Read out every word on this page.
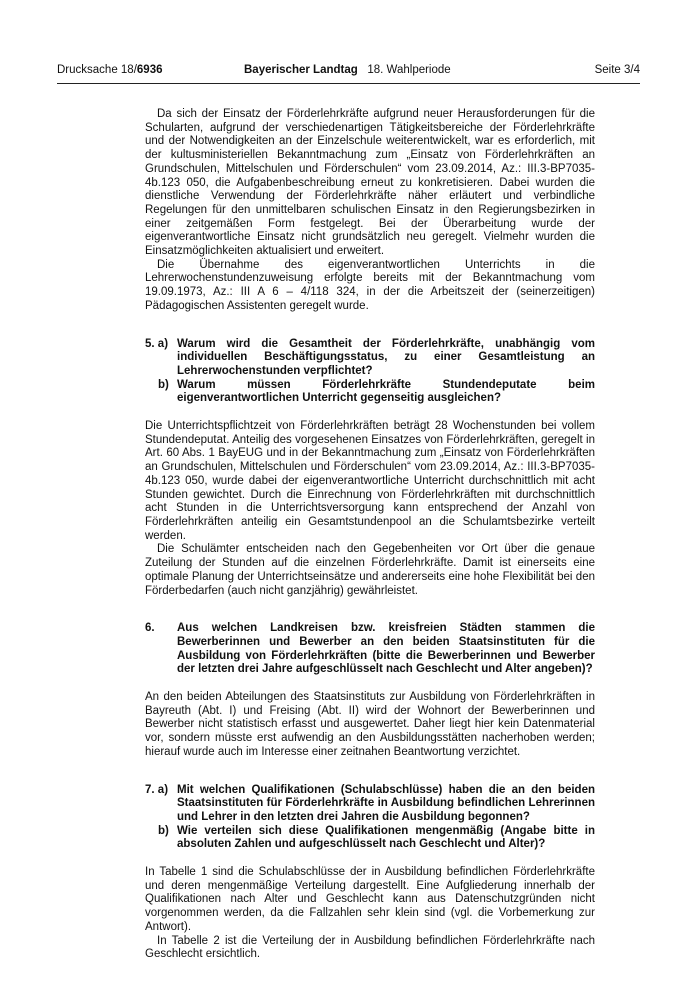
Drucksache 18/6936	Bayerischer Landtag 18. Wahlperiode	Seite 3/4

Da sich der Einsatz der Förderlehrkräfte aufgrund neuer Herausforderungen für die Schularten, aufgrund der verschiedenartigen Tätigkeitsbereiche der Förderlehrkräfte und der Notwendigkeiten an der Einzelschule weiterentwickelt, war es erforderlich, mit der kultusministeriellen Bekanntmachung zum „Einsatz von Förderlehrkräften an Grundschulen, Mittelschulen und Förderschulen“ vom 23.09.2014, Az.: III.3-BP7035-4b.123 050, die Aufgabenbeschreibung erneut zu konkretisieren. Dabei wurden die dienstliche Verwendung der Förderlehrkräfte näher erläutert und verbindliche Regelungen für den unmittelbaren schulischen Einsatz in den Regierungsbezirken in einer zeitgemäßen Form festgelegt. Bei der Überarbeitung wurde der eigenverantwortliche Einsatz nicht grundsätzlich neu geregelt. Vielmehr wurden die Einsatzmöglichkeiten aktualisiert und erweitert.

Die Übernahme des eigenverantwortlichen Unterrichts in die Lehrerwochenstundenzuweisung erfolgte bereits mit der Bekanntmachung vom 19.09.1973, Az.: III A 6 – 4/118 324, in der die Arbeitszeit der (seinerzeitigen) Pädagogischen Assistenten geregelt wurde.

5. a) Warum wird die Gesamtheit der Förderlehrkräfte, unabhängig vom individuellen Beschäftigungsstatus, zu einer Gesamtleistung an Lehrerwochenstunden verpflichtet?
b) Warum müssen Förderlehrkräfte Stundendeputate beim eigenverantwortlichen Unterricht gegenseitig ausgleichen?

Die Unterrichtspflichtzeit von Förderlehrkräften beträgt 28 Wochenstunden bei vollem Stundendeputat. Anteilig des vorgesehenen Einsatzes von Förderlehrkräften, geregelt in Art. 60 Abs. 1 BayEUG und in der Bekanntmachung zum „Einsatz von Förderlehrkräften an Grundschulen, Mittelschulen und Förderschulen“ vom 23.09.2014, Az.: III.3-BP7035-4b.123 050, wurde dabei der eigenverantwortliche Unterricht durchschnittlich mit acht Stunden gewichtet. Durch die Einrechnung von Förderlehrkräften mit durchschnittlich acht Stunden in die Unterrichtsversorgung kann entsprechend der Anzahl von Förderlehrkräften anteilig ein Gesamtstundenpool an die Schulamtsbezirke verteilt werden.

Die Schulämter entscheiden nach den Gegebenheiten vor Ort über die genaue Zuteilung der Stunden auf die einzelnen Förderlehrkräfte. Damit ist einerseits eine optimale Planung der Unterrichtseinsätze und andererseits eine hohe Flexibilität bei den Förderbedarfen (auch nicht ganzjährig) gewährleistet.

6. Aus welchen Landkreisen bzw. kreisfreien Städten stammen die Bewerberinnen und Bewerber an den beiden Staatsinstituten für die Ausbildung von Förderlehrkräften (bitte die Bewerberinnen und Bewerber der letzten drei Jahre aufgeschlüsselt nach Geschlecht und Alter angeben)?

An den beiden Abteilungen des Staatsinstituts zur Ausbildung von Förderlehrkräften in Bayreuth (Abt. I) und Freising (Abt. II) wird der Wohnort der Bewerberinnen und Bewerber nicht statistisch erfasst und ausgewertet. Daher liegt hier kein Datenmaterial vor, sondern müsste erst aufwendig an den Ausbildungsstätten nacherhoben werden; hierauf wurde auch im Interesse einer zeitnahen Beantwortung verzichtet.

7. a) Mit welchen Qualifikationen (Schulabschlüsse) haben die an den beiden Staatsinstituten für Förderlehrkräfte in Ausbildung befindlichen Lehrerinnen und Lehrer in den letzten drei Jahren die Ausbildung begonnen?
b) Wie verteilen sich diese Qualifikationen mengenmäßig (Angabe bitte in absoluten Zahlen und aufgeschlüsselt nach Geschlecht und Alter)?

In Tabelle 1 sind die Schulabschlüsse der in Ausbildung befindlichen Förderlehrkräfte und deren mengenmäßige Verteilung dargestellt. Eine Aufgliederung innerhalb der Qualifikationen nach Alter und Geschlecht kann aus Datenschutzgründen nicht vorgenommen werden, da die Fallzahlen sehr klein sind (vgl. die Vorbemerkung zur Antwort).

In Tabelle 2 ist die Verteilung der in Ausbildung befindlichen Förderlehrkräfte nach Geschlecht ersichtlich.
